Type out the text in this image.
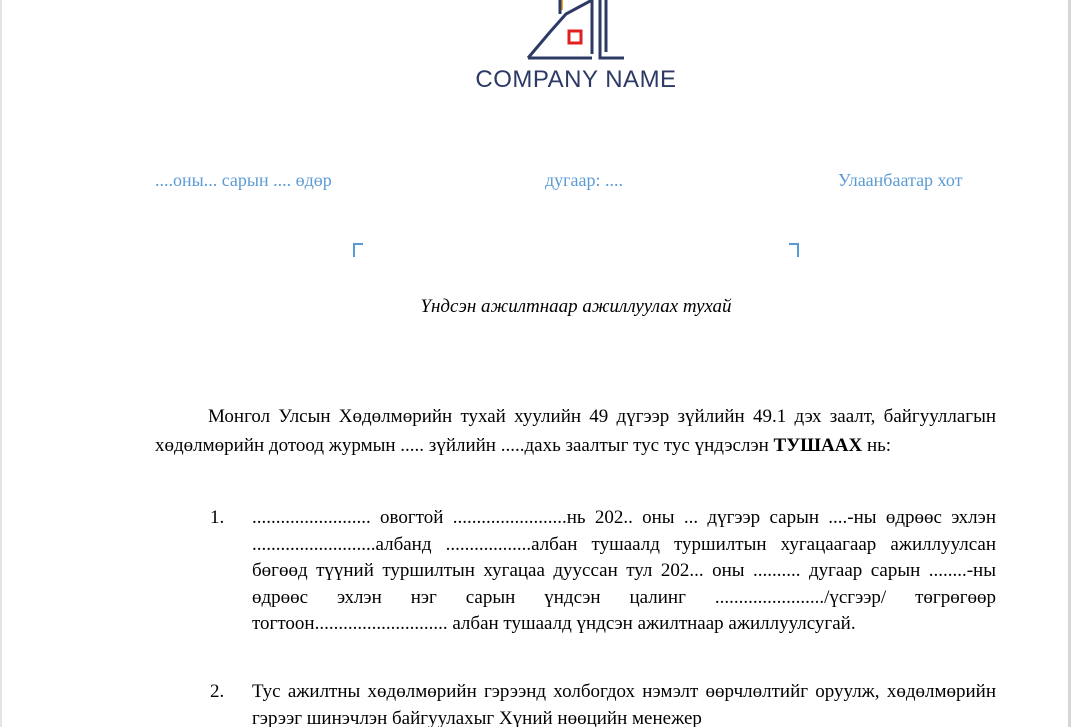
COMPANY NAME
....оны... сарын .... өдөр	дугаар: ....	Улаанбаатар хот
Үндсэн ажилтнаар ажиллуулах тухай

Монгол Улсын Хөдөлмөрийн тухай хуулийн 49 дүгээр зүйлийн 49.1 дэх заалт, байгууллагын хөдөлмөрийн дотоод журмын ..... зүйлийн .....дахь заалтыг тус тус үндэслэн ТУШААХ нь:

1. ......................... овогтой ........................нь 202.. оны ... дүгээр сарын ....-ны өдрөөс эхлэн ..........................албанд ..................албан тушаалд туршилтын хугацаагаар ажиллуулсан бөгөөд түүний туршилтын хугацаа дууссан тул 202... оны .......... дугаар сарын ........-ны өдрөөс эхлэн нэг сарын үндсэн цалинг ......................./үсгээр/ төгрөгөөр тогтоон............................ албан тушаалд үндсэн ажилтнаар ажиллуулсугай.
2. Тус ажилтны хөдөлмөрийн гэрээнд холбогдох нэмэлт өөрчлөлтийг оруулж, хөдөлмөрийн гэрээг шинэчлэн байгуулахыг Хүний нөөцийн менежер
